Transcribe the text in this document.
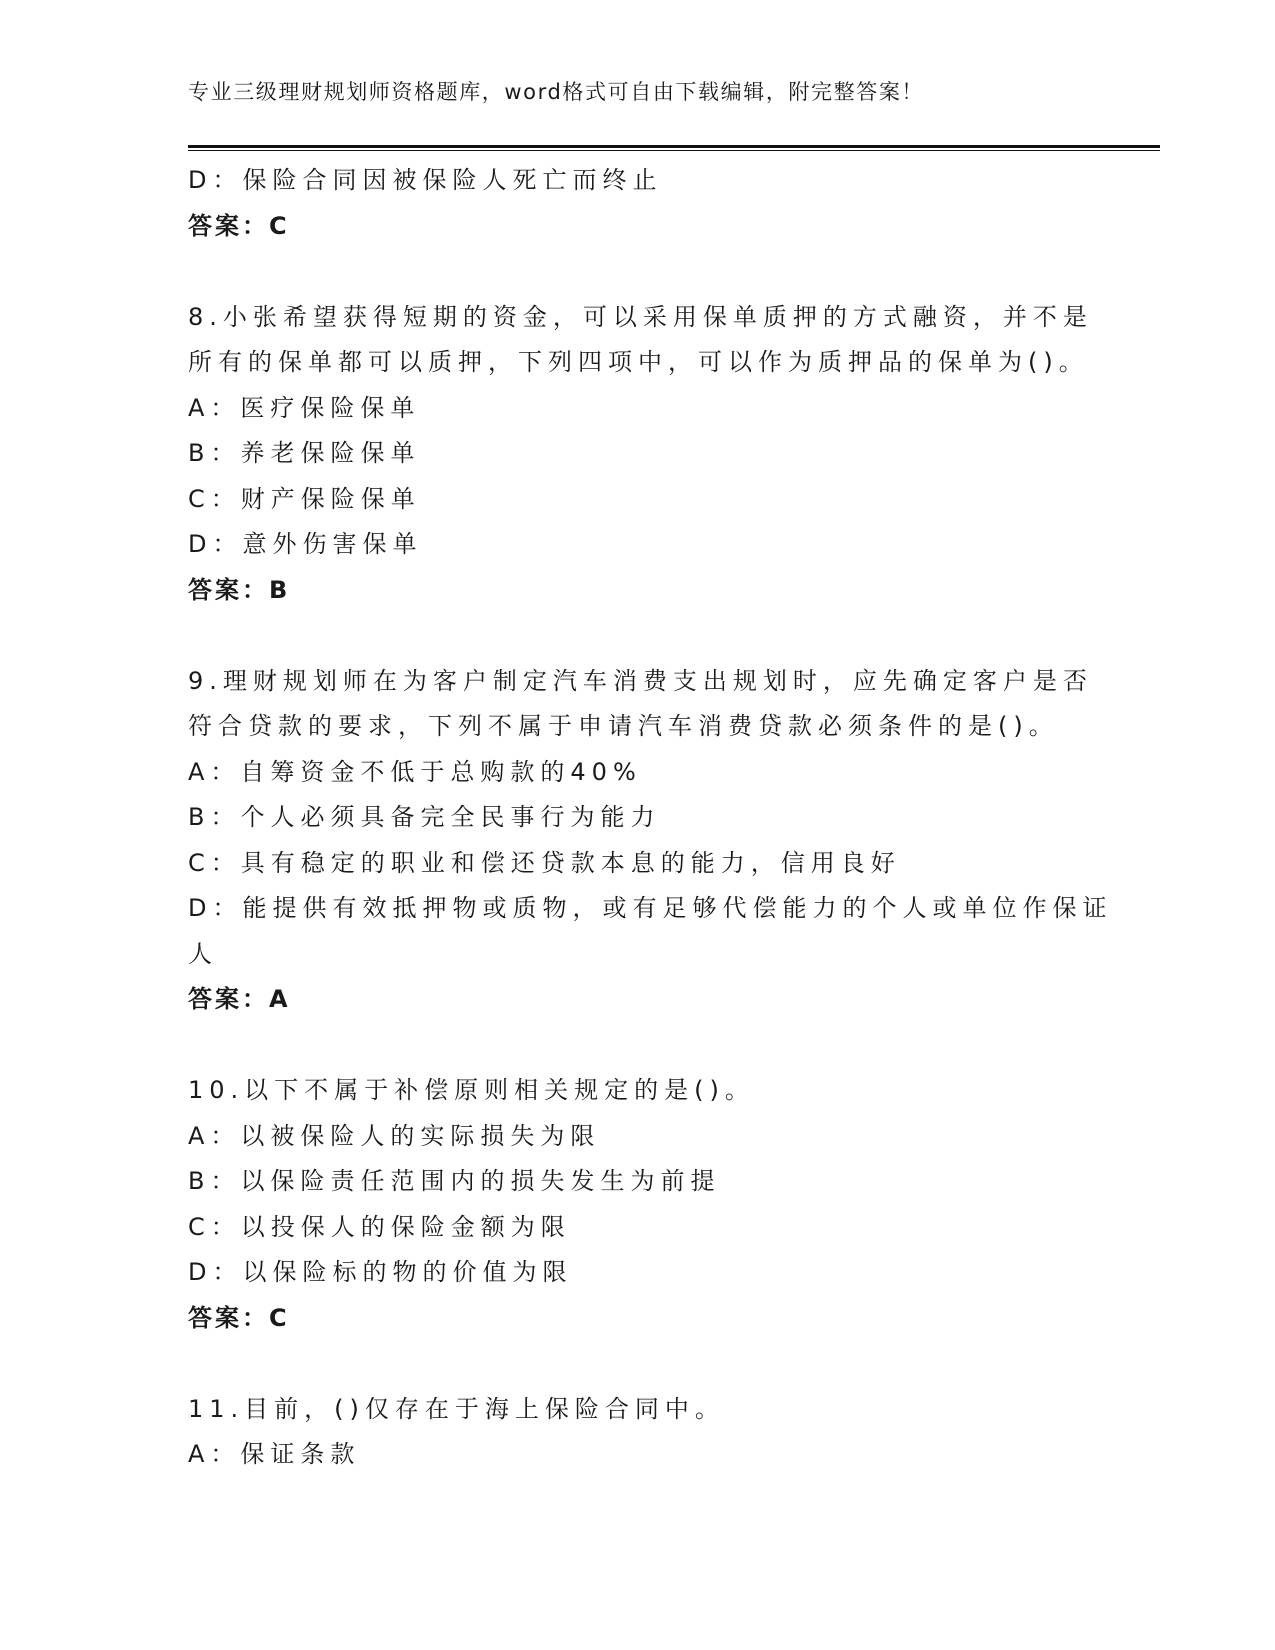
专业三级理财规划师资格题库，word格式可自由下载编辑，附完整答案！
D：保险合同因被保险人死亡而终止
答案：C
8.小张希望获得短期的资金，可以采用保单质押的方式融资，并不是
所有的保单都可以质押，下列四项中，可以作为质押品的保单为()。
A：医疗保险保单
B：养老保险保单
C：财产保险保单
D：意外伤害保单
答案：B
9.理财规划师在为客户制定汽车消费支出规划时，应先确定客户是否
符合贷款的要求，下列不属于申请汽车消费贷款必须条件的是()。
A：自筹资金不低于总购款的40%
B：个人必须具备完全民事行为能力
C：具有稳定的职业和偿还贷款本息的能力，信用良好
D：能提供有效抵押物或质物，或有足够代偿能力的个人或单位作保证
人
答案：A
10.以下不属于补偿原则相关规定的是()。
A：以被保险人的实际损失为限
B：以保险责任范围内的损失发生为前提
C：以投保人的保险金额为限
D：以保险标的物的价值为限
答案：C
11.目前，()仅存在于海上保险合同中。
A：保证条款
